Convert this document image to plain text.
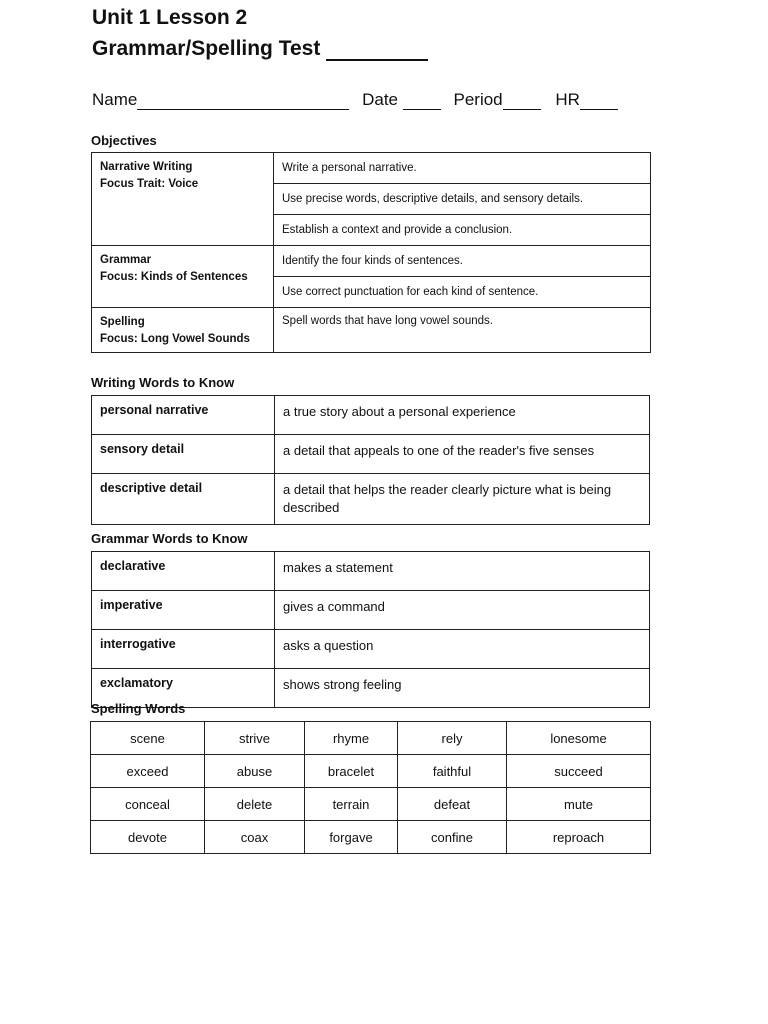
Unit 1 Lesson 2
Grammar/Spelling Test
Name	Date	Period	HR
Objectives
Narrative Writing
Focus Trait: Voice	Write a personal narrative.
	Use precise words, descriptive details, and sensory details.
	Establish a context and provide a conclusion.

Grammar
Focus: Kinds of Sentences	Identify the four kinds of sentences.
	Use correct punctuation for each kind of sentence.

Spelling
Focus: Long Vowel Sounds	Spell words that have long vowel sounds.
Writing Words to Know
personal narrative	a true story about a personal experience
sensory detail	a detail that appeals to one of the reader's five senses
descriptive detail	a detail that helps the reader clearly picture what is being described
Grammar Words to Know
declarative	makes a statement
imperative	gives a command
interrogative	asks a question
exclamatory	shows strong feeling
Spelling Words
scene	strive	rhyme	rely	lonesome
exceed	abuse	bracelet	faithful	succeed
conceal	delete	terrain	defeat	mute
devote	coax	forgave	confine	reproach
